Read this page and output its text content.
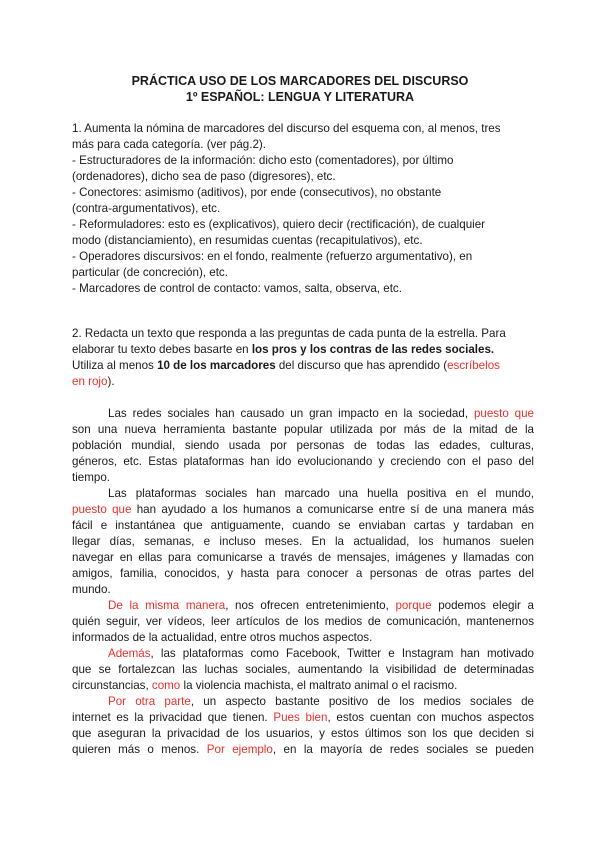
PRÁCTICA USO DE LOS MARCADORES DEL DISCURSO
1º ESPAÑOL: LENGUA Y LITERATURA
1. Aumenta la nómina de marcadores del discurso del esquema con, al menos, tres
más para cada categoría. (ver pág.2).
- Estructuradores de la información: dicho esto (comentadores), por último
(ordenadores), dicho sea de paso (digresores), etc.
- Conectores: asimismo (aditivos), por ende (consecutivos), no obstante
(contra-argumentativos), etc.
- Reformuladores: esto es (explicativos), quiero decir (rectificación), de cualquier
modo (distanciamiento), en resumidas cuentas (recapitulativos), etc.
- Operadores discursivos: en el fondo, realmente (refuerzo argumentativo), en
particular (de concreción), etc.
- Marcadores de control de contacto: vamos, salta, observa, etc.
2. Redacta un texto que responda a las preguntas de cada punta de la estrella. Para
elaborar tu texto debes basarte en los pros y los contras de las redes sociales.
Utiliza al menos 10 de los marcadores del discurso que has aprendido (escríbelos
en rojo).
Las redes sociales han causado un gran impacto en la sociedad, puesto que
son una nueva herramienta bastante popular utilizada por más de la mitad de la
población mundial, siendo usada por personas de todas las edades, culturas,
géneros, etc. Estas plataformas han ido evolucionando y creciendo con el paso del
tiempo.
Las plataformas sociales han marcado una huella positiva en el mundo,
puesto que han ayudado a los humanos a comunicarse entre sí de una manera más
fácil e instantánea que antiguamente, cuando se enviaban cartas y tardaban en
llegar días, semanas, e incluso meses. En la actualidad, los humanos suelen
navegar en ellas para comunicarse a través de mensajes, imágenes y llamadas con
amigos, familia, conocidos, y hasta para conocer a personas de otras partes del
mundo.
De la misma manera, nos ofrecen entretenimiento, porque podemos elegir a
quién seguir, ver vídeos, leer artículos de los medios de comunicación, mantenernos
informados de la actualidad, entre otros muchos aspectos.
Además, las plataformas como Facebook, Twitter e Instagram han motivado
que se fortalezcan las luchas sociales, aumentando la visibilidad de determinadas
circunstancias, como la violencia machista, el maltrato animal o el racismo.
Por otra parte, un aspecto bastante positivo de los medios sociales de
internet es la privacidad que tienen. Pues bien, estos cuentan con muchos aspectos
que aseguran la privacidad de los usuarios, y estos últimos son los que deciden si
quieren más o menos. Por ejemplo, en la mayoría de redes sociales se pueden
